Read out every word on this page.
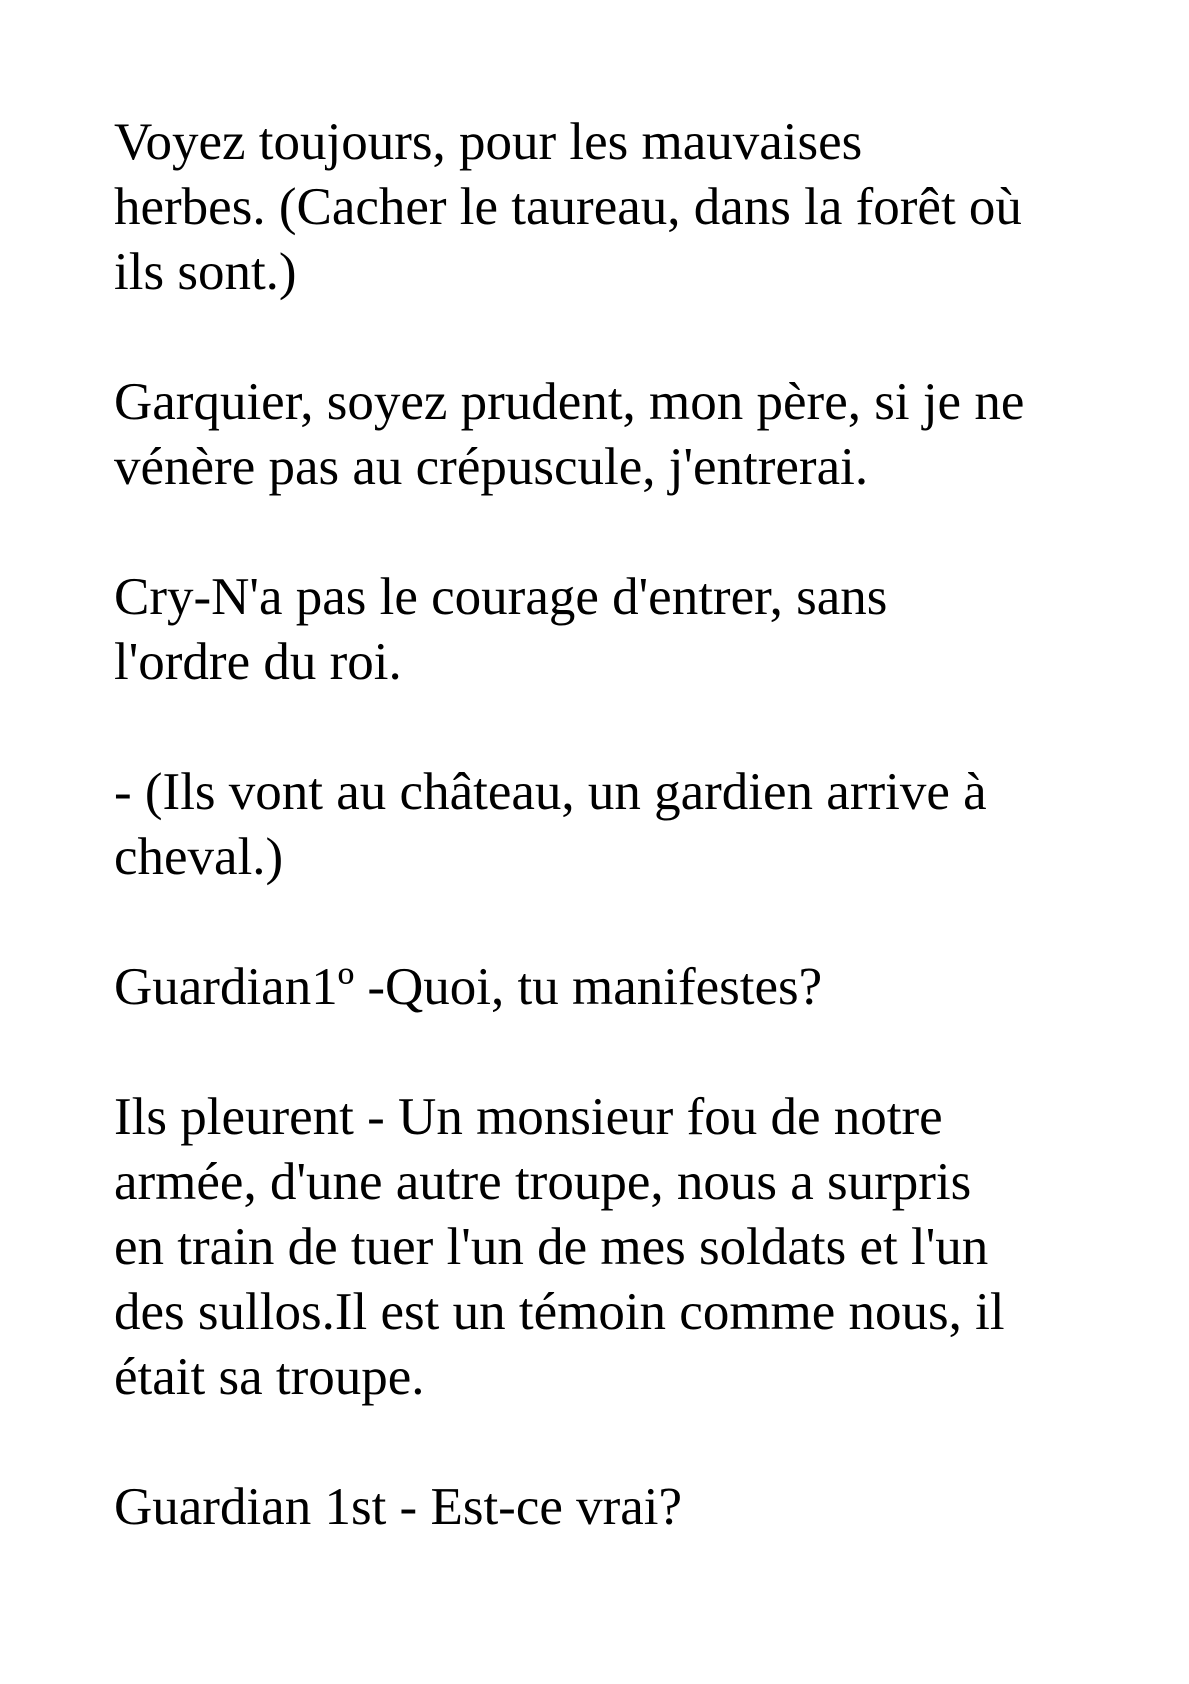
Voyez toujours, pour les mauvaises
herbes. (Cacher le taureau, dans la forêt où
ils sont.)

Garquier, soyez prudent, mon père, si je ne
vénère pas au crépuscule, j'entrerai.

Cry-N'a pas le courage d'entrer, sans
l'ordre du roi.

- (Ils vont au château, un gardien arrive à
cheval.)

Guardian1º -Quoi, tu manifestes?

Ils pleurent - Un monsieur fou de notre
armée, d'une autre troupe, nous a surpris
en train de tuer l'un de mes soldats et l'un
des sullos.Il est un témoin comme nous, il
était sa troupe.

Guardian 1st - Est-ce vrai?
